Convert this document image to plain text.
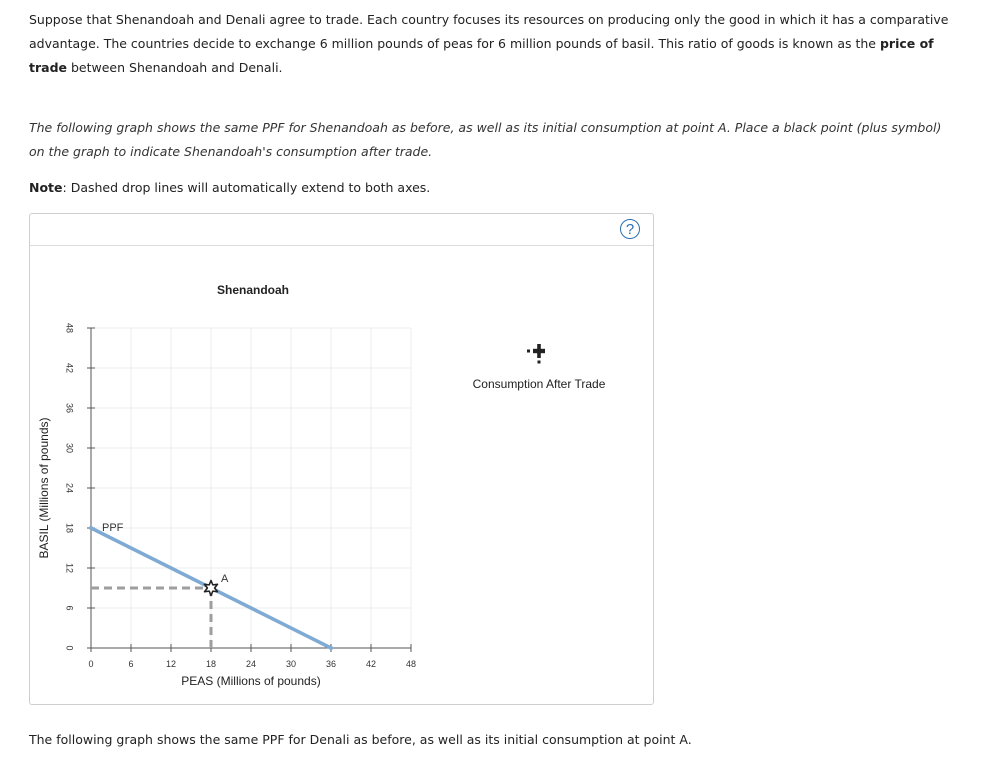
Suppose that Shenandoah and Denali agree to trade. Each country focuses its resources on producing only the good in which it has a comparative advantage. The countries decide to exchange 6 million pounds of peas for 6 million pounds of basil. This ratio of goods is known as the price of trade between Shenandoah and Denali.

The following graph shows the same PPF for Shenandoah as before, as well as its initial consumption at point A. Place a black point (plus symbol) on the graph to indicate Shenandoah's consumption after trade.

Note: Dashed drop lines will automatically extend to both axes.

?
0	6	12	18	24	30	36	42	48
0
6
12
18
24
30
36
42
48
PPF
A
Shenandoah
PEAS (Millions of pounds)
BASIL (Millions of pounds)
Consumption After Trade

The following graph shows the same PPF for Denali as before, as well as its initial consumption at point A.
